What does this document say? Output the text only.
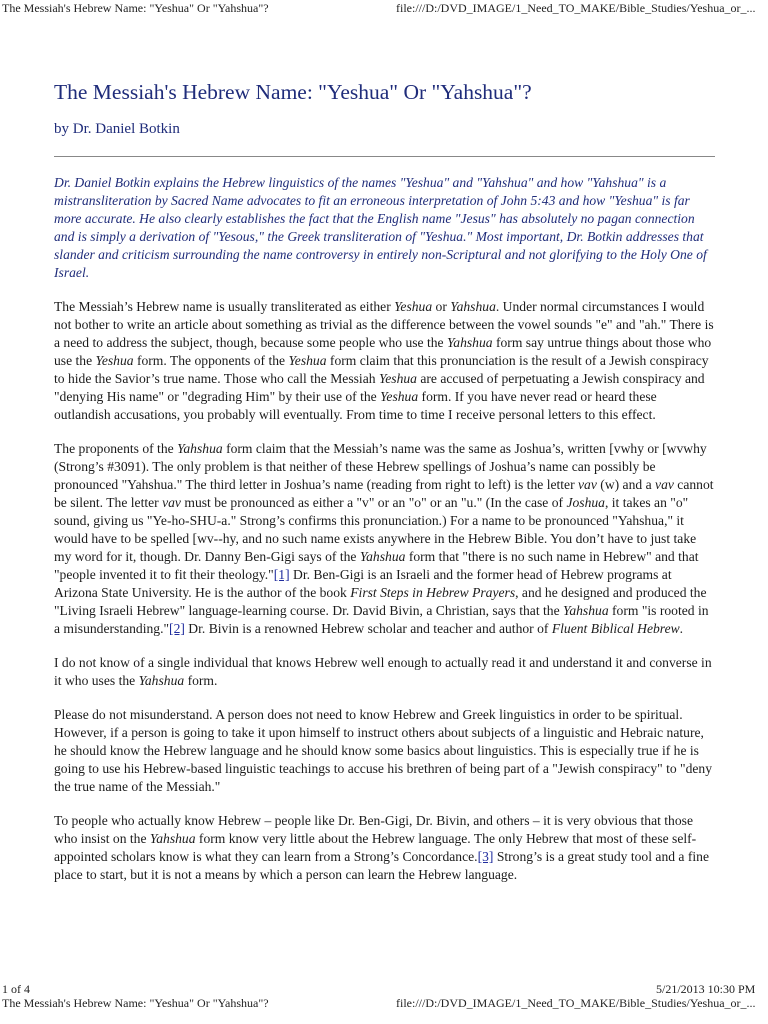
The Messiah's Hebrew Name: "Yeshua" Or "Yahshua"?	file:///D:/DVD_IMAGE/1_Need_TO_MAKE/Bible_Studies/Yeshua_or_...
The Messiah's Hebrew Name: "Yeshua" Or "Yahshua"?
by Dr. Daniel Botkin

Dr. Daniel Botkin explains the Hebrew linguistics of the names "Yeshua" and "Yahshua" and how "Yahshua" is a mistransliteration by Sacred Name advocates to fit an erroneous interpretation of John 5:43 and how "Yeshua" is far more accurate. He also clearly establishes the fact that the English name "Jesus" has absolutely no pagan connection and is simply a derivation of "Yesous," the Greek transliteration of "Yeshua." Most important, Dr. Botkin addresses that slander and criticism surrounding the name controversy in entirely non-Scriptural and not glorifying to the Holy One of Israel.

The Messiah’s Hebrew name is usually transliterated as either Yeshua or Yahshua. Under normal circumstances I would not bother to write an article about something as trivial as the difference between the vowel sounds "e" and "ah." There is a need to address the subject, though, because some people who use the Yahshua form say untrue things about those who use the Yeshua form. The opponents of the Yeshua form claim that this pronunciation is the result of a Jewish conspiracy to hide the Savior’s true name. Those who call the Messiah Yeshua are accused of perpetuating a Jewish conspiracy and "denying His name" or "degrading Him" by their use of the Yeshua form. If you have never read or heard these outlandish accusations, you probably will eventually. From time to time I receive personal letters to this effect.

The proponents of the Yahshua form claim that the Messiah’s name was the same as Joshua’s, written [vwhy or [wvwhy (Strong’s #3091). The only problem is that neither of these Hebrew spellings of Joshua’s name can possibly be pronounced "Yahshua." The third letter in Joshua’s name (reading from right to left) is the letter vav (w) and a vav cannot be silent. The letter vav must be pronounced as either a "v" or an "o" or an "u." (In the case of Joshua, it takes an "o" sound, giving us "Ye-ho-SHU-a." Strong’s confirms this pronunciation.) For a name to be pronounced "Yahshua," it would have to be spelled [wv--hy, and no such name exists anywhere in the Hebrew Bible. You don’t have to just take my word for it, though. Dr. Danny Ben-Gigi says of the Yahshua form that "there is no such name in Hebrew" and that "people invented it to fit their theology."[1] Dr. Ben-Gigi is an Israeli and the former head of Hebrew programs at Arizona State University. He is the author of the book First Steps in Hebrew Prayers, and he designed and produced the "Living Israeli Hebrew" language-learning course. Dr. David Bivin, a Christian, says that the Yahshua form "is rooted in a misunderstanding."[2] Dr. Bivin is a renowned Hebrew scholar and teacher and author of Fluent Biblical Hebrew.

I do not know of a single individual that knows Hebrew well enough to actually read it and understand it and converse in it who uses the Yahshua form.

Please do not misunderstand. A person does not need to know Hebrew and Greek linguistics in order to be spiritual. However, if a person is going to take it upon himself to instruct others about subjects of a linguistic and Hebraic nature, he should know the Hebrew language and he should know some basics about linguistics. This is especially true if he is going to use his Hebrew-based linguistic teachings to accuse his brethren of being part of a "Jewish conspiracy" to "deny the true name of the Messiah."

To people who actually know Hebrew – people like Dr. Ben-Gigi, Dr. Bivin, and others – it is very obvious that those who insist on the Yahshua form know very little about the Hebrew language. The only Hebrew that most of these self-appointed scholars know is what they can learn from a Strong’s Concordance.[3] Strong’s is a great study tool and a fine place to start, but it is not a means by which a person can learn the Hebrew language.

1 of 4	5/21/2013 10:30 PM
The Messiah's Hebrew Name: "Yeshua" Or "Yahshua"?	file:///D:/DVD_IMAGE/1_Need_TO_MAKE/Bible_Studies/Yeshua_or_...
